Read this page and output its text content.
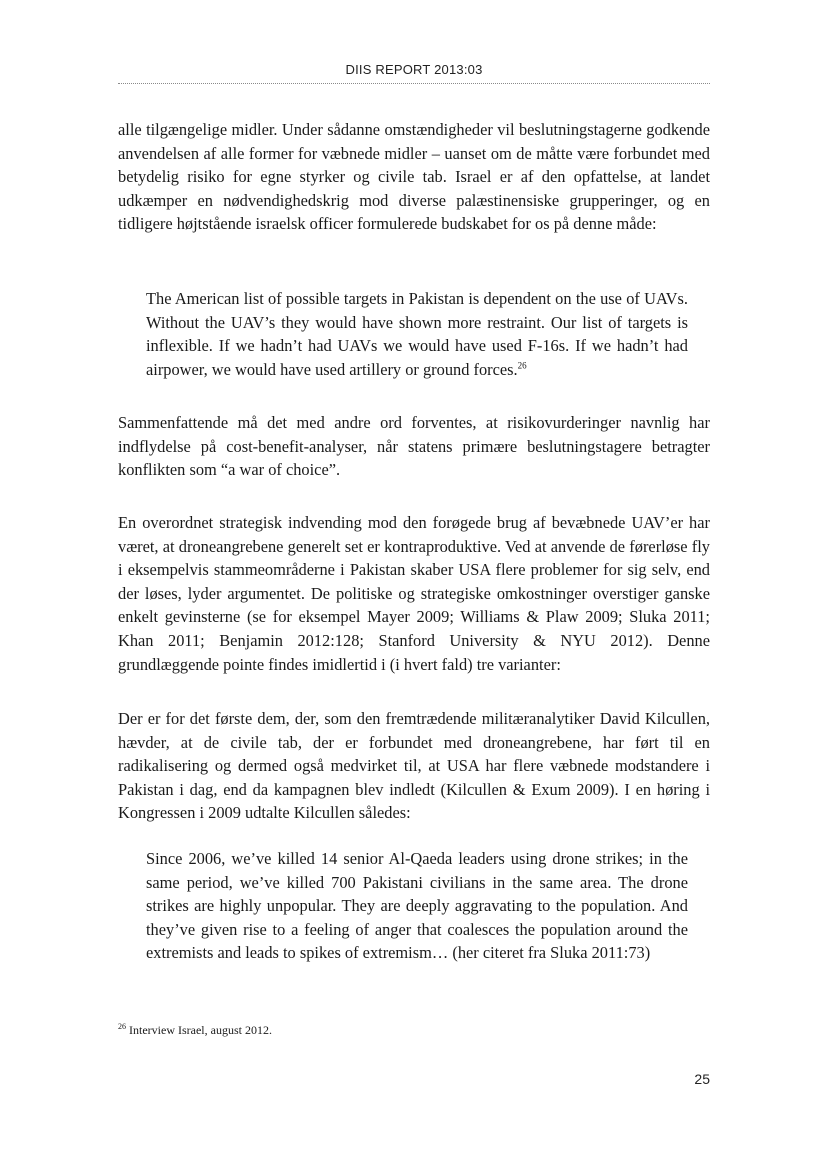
DIIS REPORT 2013:03

alle tilgængelige midler. Under sådanne omstændigheder vil beslutningstagerne godkende anvendelsen af alle former for væbnede midler – uanset om de måtte være forbundet med betydelig risiko for egne styrker og civile tab. Israel er af den opfattelse, at landet udkæmper en nødvendighedskrig mod diverse palæstinensiske grupperinger, og en tidligere højtstående israelsk officer formulerede budskabet for os på denne måde:

The American list of possible targets in Pakistan is dependent on the use of UAVs. Without the UAV’s they would have shown more restraint. Our list of targets is inflexible. If we hadn’t had UAVs we would have used F-16s. If we hadn’t had airpower, we would have used artillery or ground forces.$^{26}$

Sammenfattende må det med andre ord forventes, at risikovurderinger navnlig har indflydelse på cost-benefit-analyser, når statens primære beslutningstagere betragter konflikten som “a war of choice”.

En overordnet strategisk indvending mod den forøgede brug af bevæbnede UAV’er har været, at droneangrebene generelt set er kontraproduktive. Ved at anvende de førerløse fly i eksempelvis stammeområderne i Pakistan skaber USA flere problemer for sig selv, end der løses, lyder argumentet. De politiske og strategiske omkostninger overstiger ganske enkelt gevinsterne (se for eksempel Mayer 2009; Williams & Plaw 2009; Sluka 2011; Khan 2011; Benjamin 2012:128; Stanford University & NYU 2012). Denne grundlæggende pointe findes imidlertid i (i hvert fald) tre varianter:

Der er for det første dem, der, som den fremtrædende militæranalytiker David Kilcullen, hævder, at de civile tab, der er forbundet med droneangrebene, har ført til en radikalisering og dermed også medvirket til, at USA har flere væbnede modstandere i Pakistan i dag, end da kampagnen blev indledt (Kilcullen & Exum 2009). I en høring i Kongressen i 2009 udtalte Kilcullen således:

Since 2006, we’ve killed 14 senior Al-Qaeda leaders using drone strikes; in the same period, we’ve killed 700 Pakistani civilians in the same area. The drone strikes are highly unpopular. They are deeply aggravating to the population. And they’ve given rise to a feeling of anger that coalesces the population around the extremists and leads to spikes of extremism… (her citeret fra Sluka 2011:73)

$^{26}$ Interview Israel, august 2012.
25
